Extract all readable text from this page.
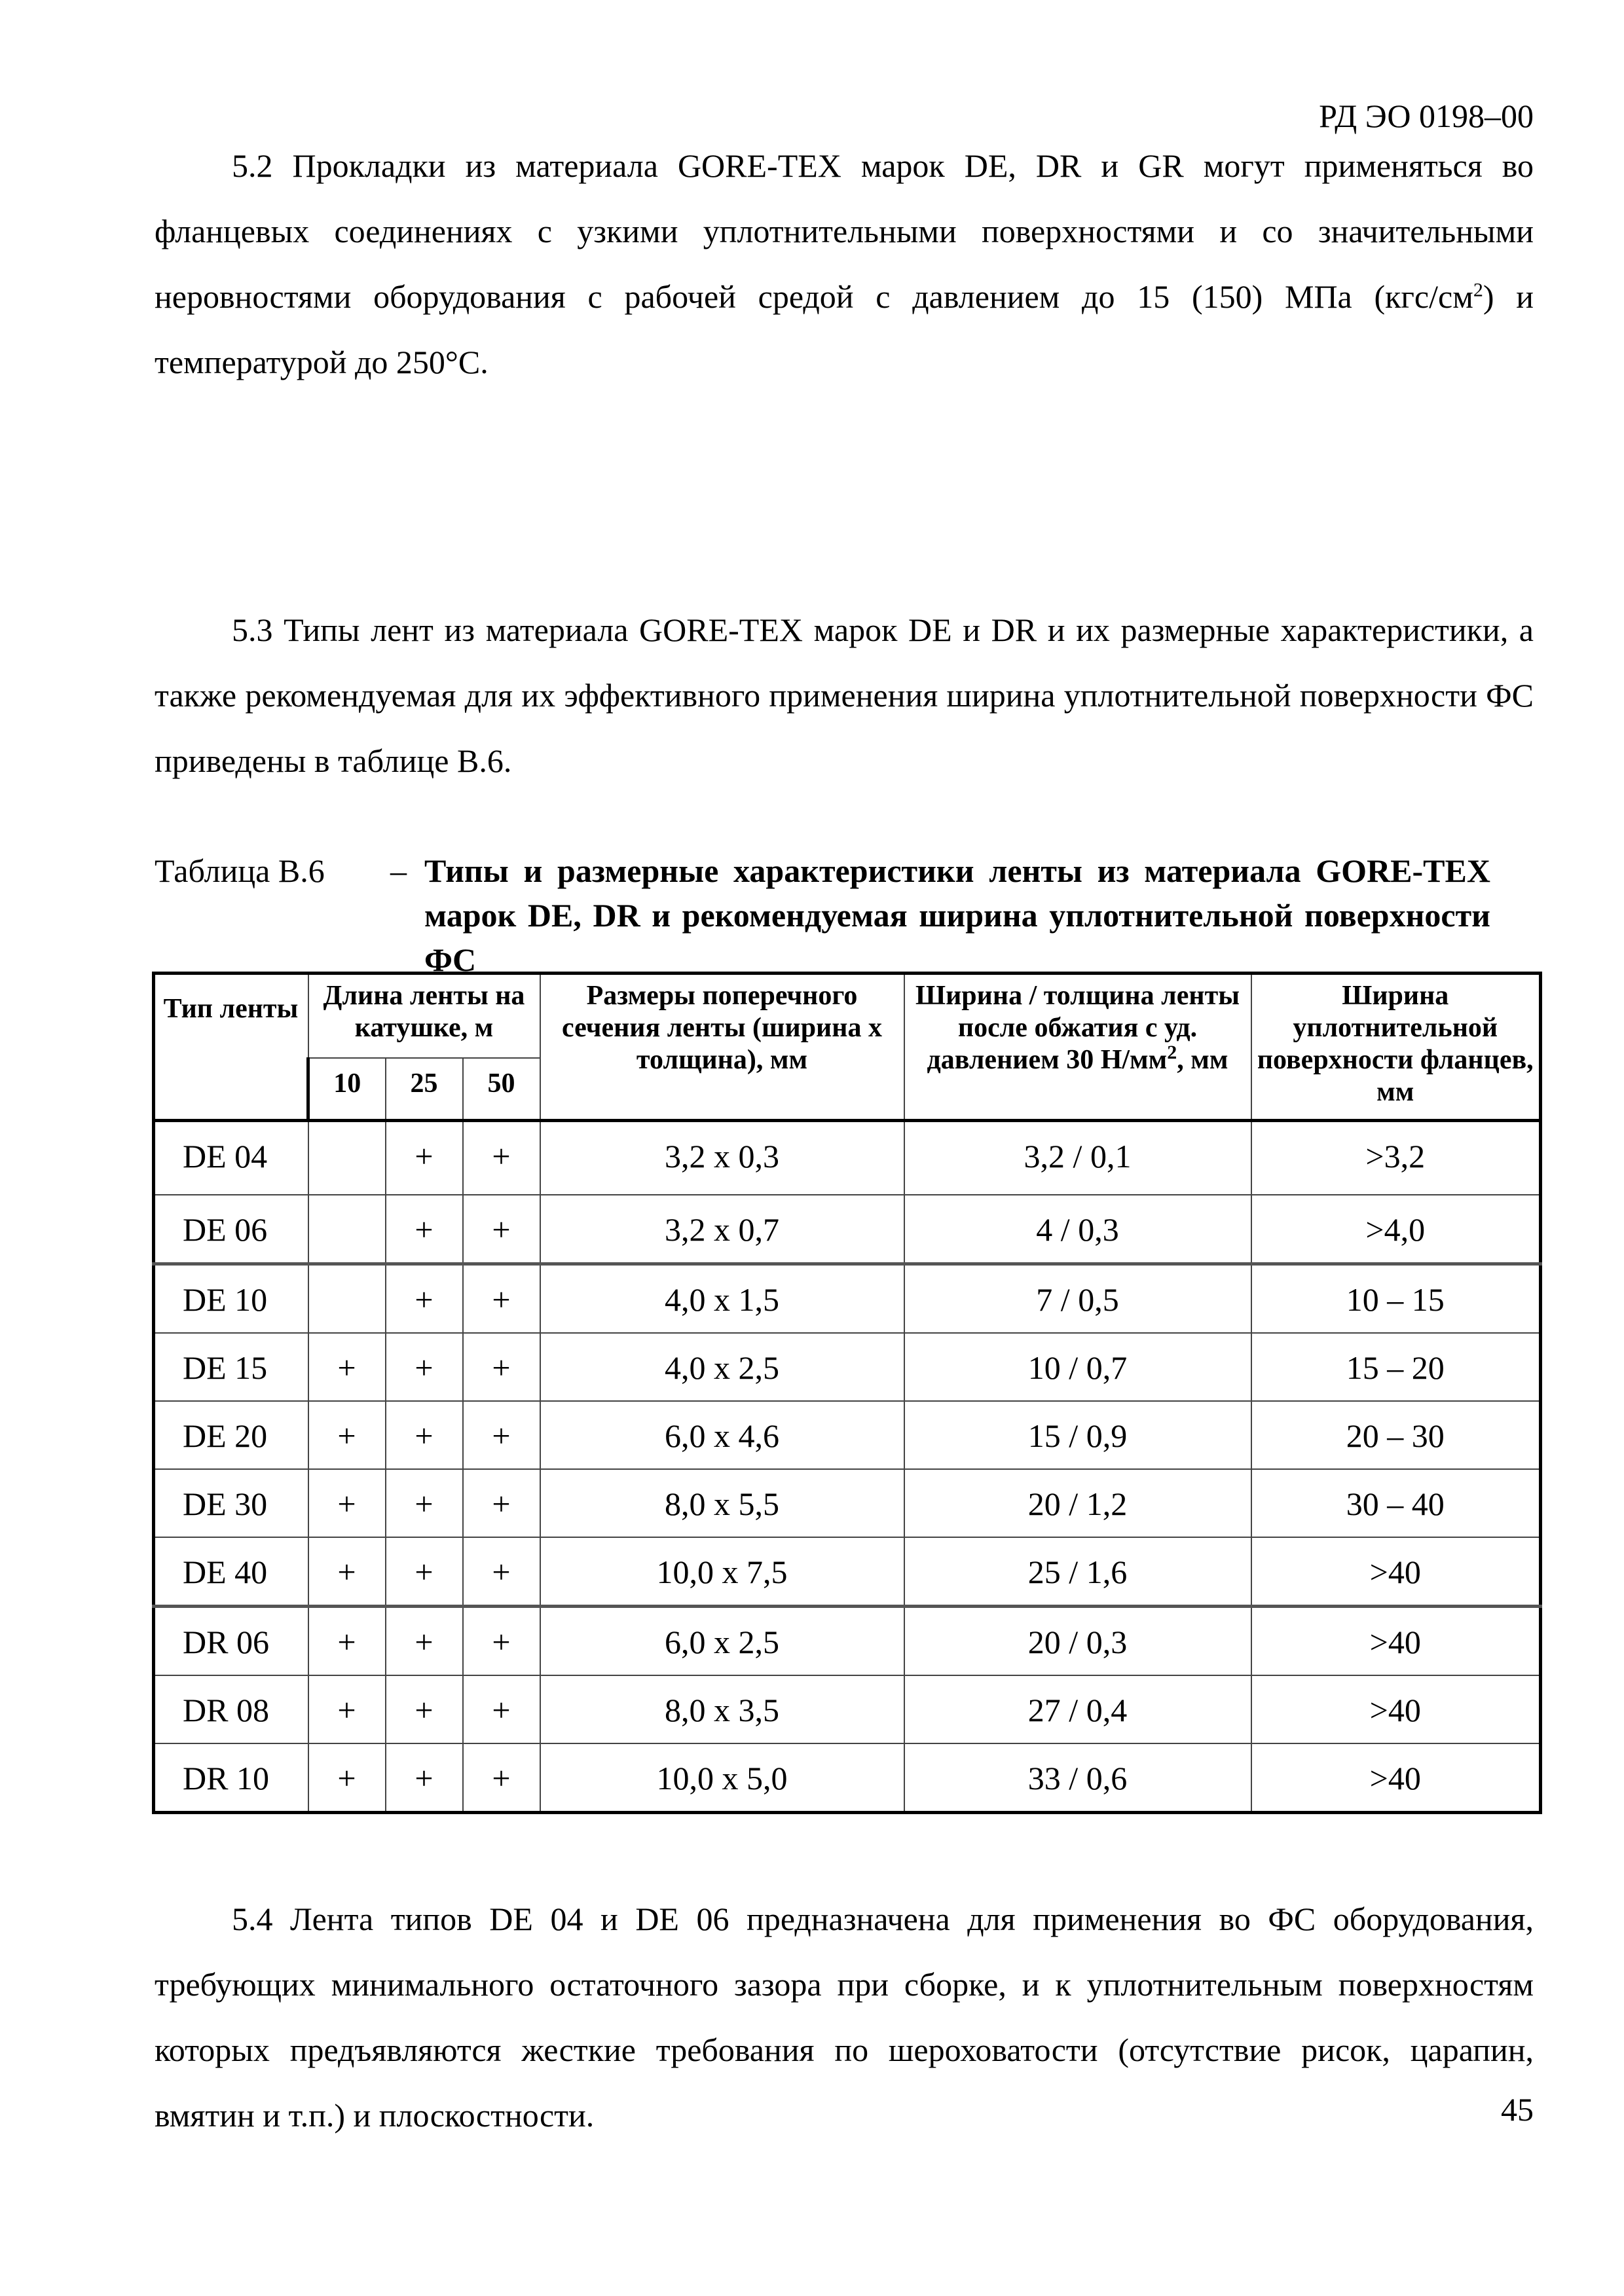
РД ЭО 0198–00

5.2 Прокладки из материала GORE-TEX марок DE, DR и GR могут применяться во фланцевых соединениях с узкими уплотнительными поверхностями и со значительными неровностями оборудования с рабочей средой с давлением до 15 (150) МПа $(кгс/см^2)$ и температурой до 250°С.

5.3 Типы лент из материала GORE-TEX марок DE и DR и их размерные характеристики, а также рекомендуемая для их эффективного применения ширина уплотнительной поверхности ФС приведены в таблице В.6.

Таблица В.6 – Типы и размерные характеристики ленты из материала GORE-TEX марок DE, DR и рекомендуемая ширина уплотнительной поверхности ФС
Тип ленты	Длина ленты на катушке, м			Размеры поперечного сечения ленты (ширина х толщина), мм	Ширина / толщина ленты после обжатия с уд. давлением 30 $Н/мм^2$, мм	Ширина уплотнительной поверхности фланцев, мм
	10	25	50			
DE 04		+	+	3,2 х 0,3	3,2 / 0,1	>3,2
DE 06		+	+	3,2 х 0,7	4 / 0,3	>4,0
DE 10		+	+	4,0 х 1,5	7 / 0,5	10 – 15
DE 15	+	+	+	4,0 х 2,5	10 / 0,7	15 – 20
DE 20	+	+	+	6,0 х 4,6	15 / 0,9	20 – 30
DE 30	+	+	+	8,0 х 5,5	20 / 1,2	30 – 40
DE 40	+	+	+	10,0 х 7,5	25 / 1,6	>40
DR 06	+	+	+	6,0 х 2,5	20 / 0,3	>40
DR 08	+	+	+	8,0 х 3,5	27 / 0,4	>40
DR 10	+	+	+	10,0 х 5,0	33 / 0,6	>40

5.4 Лента типов DE 04 и DE 06 предназначена для применения во ФС оборудования, требующих минимального остаточного зазора при сборке, и к уплотнительным поверхностям которых предъявляются жесткие требования по шероховатости (отсутствие рисок, царапин, вмятин и т.п.) и плоскостности.	45
